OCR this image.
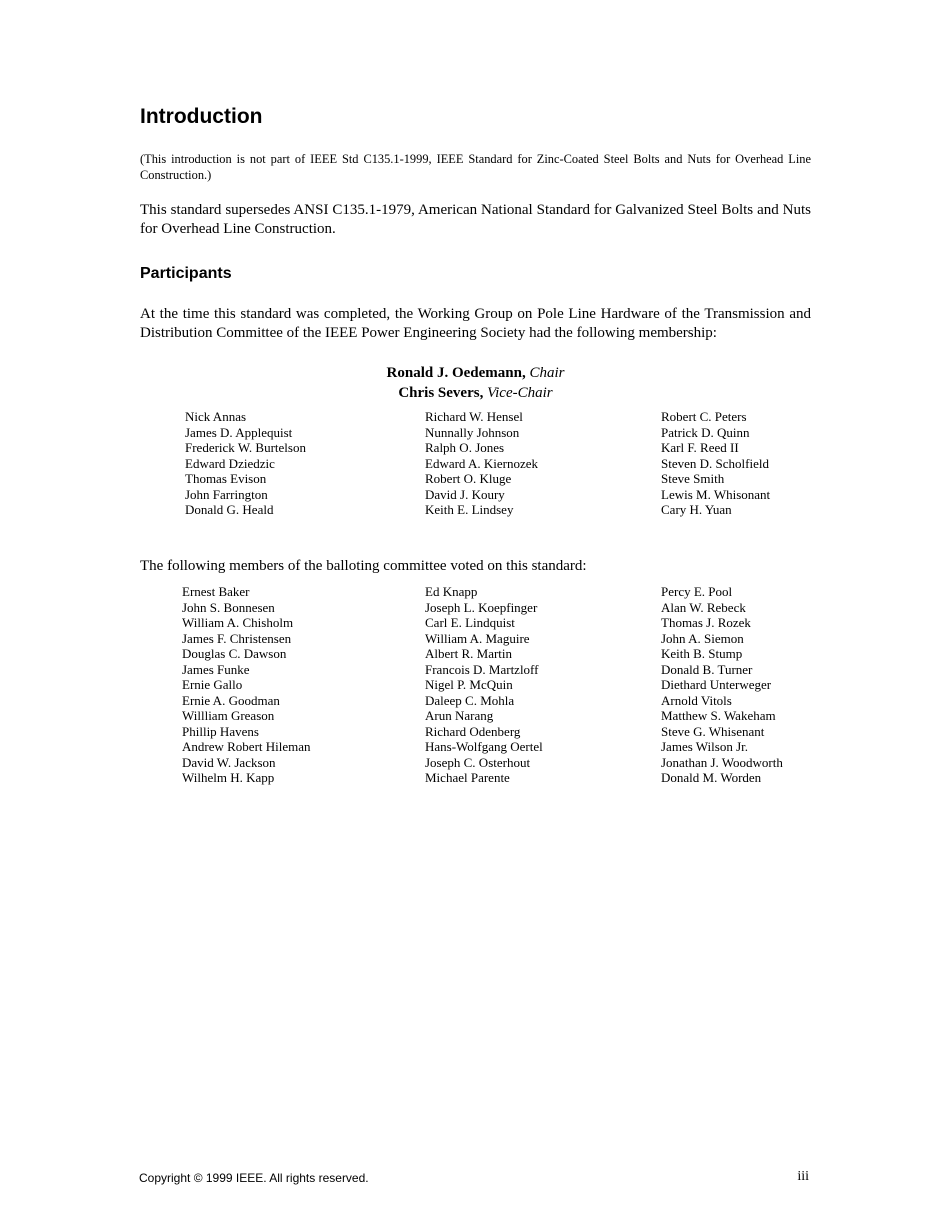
Introduction

(This introduction is not part of IEEE Std C135.1-1999, IEEE Standard for Zinc-Coated Steel Bolts and Nuts for Overhead Line Construction.)

This standard supersedes ANSI C135.1-1979, American National Standard for Galvanized Steel Bolts and Nuts for Overhead Line Construction.

Participants

At the time this standard was completed, the Working Group on Pole Line Hardware of the Transmission and Distribution Committee of the IEEE Power Engineering Society had the following membership:

Ronald J. Oedemann, Chair
Chris Severs, Vice-Chair
Nick Annas
James D. Applequist
Frederick W. Burtelson
Edward Dziedzic
Thomas Evison
John Farrington
Donald G. Heald
Richard W. Hensel
Nunnally Johnson
Ralph O. Jones
Edward A. Kiernozek
Robert O. Kluge
David J. Koury
Keith E. Lindsey
Robert C. Peters
Patrick D. Quinn
Karl F. Reed II
Steven D. Scholfield
Steve Smith
Lewis M. Whisonant
Cary H. Yuan

The following members of the balloting committee voted on this standard:

Ernest Baker
John S. Bonnesen
William A. Chisholm
James F. Christensen
Douglas C. Dawson
James Funke
Ernie Gallo
Ernie A. Goodman
Willliam Greason
Phillip Havens
Andrew Robert Hileman
David W. Jackson
Wilhelm H. Kapp
Ed Knapp
Joseph L. Koepfinger
Carl E. Lindquist
William A. Maguire
Albert R. Martin
Francois D. Martzloff
Nigel P. McQuin
Daleep C. Mohla
Arun Narang
Richard Odenberg
Hans-Wolfgang Oertel
Joseph C. Osterhout
Michael Parente
Percy E. Pool
Alan W. Rebeck
Thomas J. Rozek
John A. Siemon
Keith B. Stump
Donald B. Turner
Diethard Unterweger
Arnold Vitols
Matthew S. Wakeham
Steve G. Whisenant
James Wilson Jr.
Jonathan J. Woodworth
Donald M. Worden

Copyright © 1999 IEEE. All rights reserved.	iii
